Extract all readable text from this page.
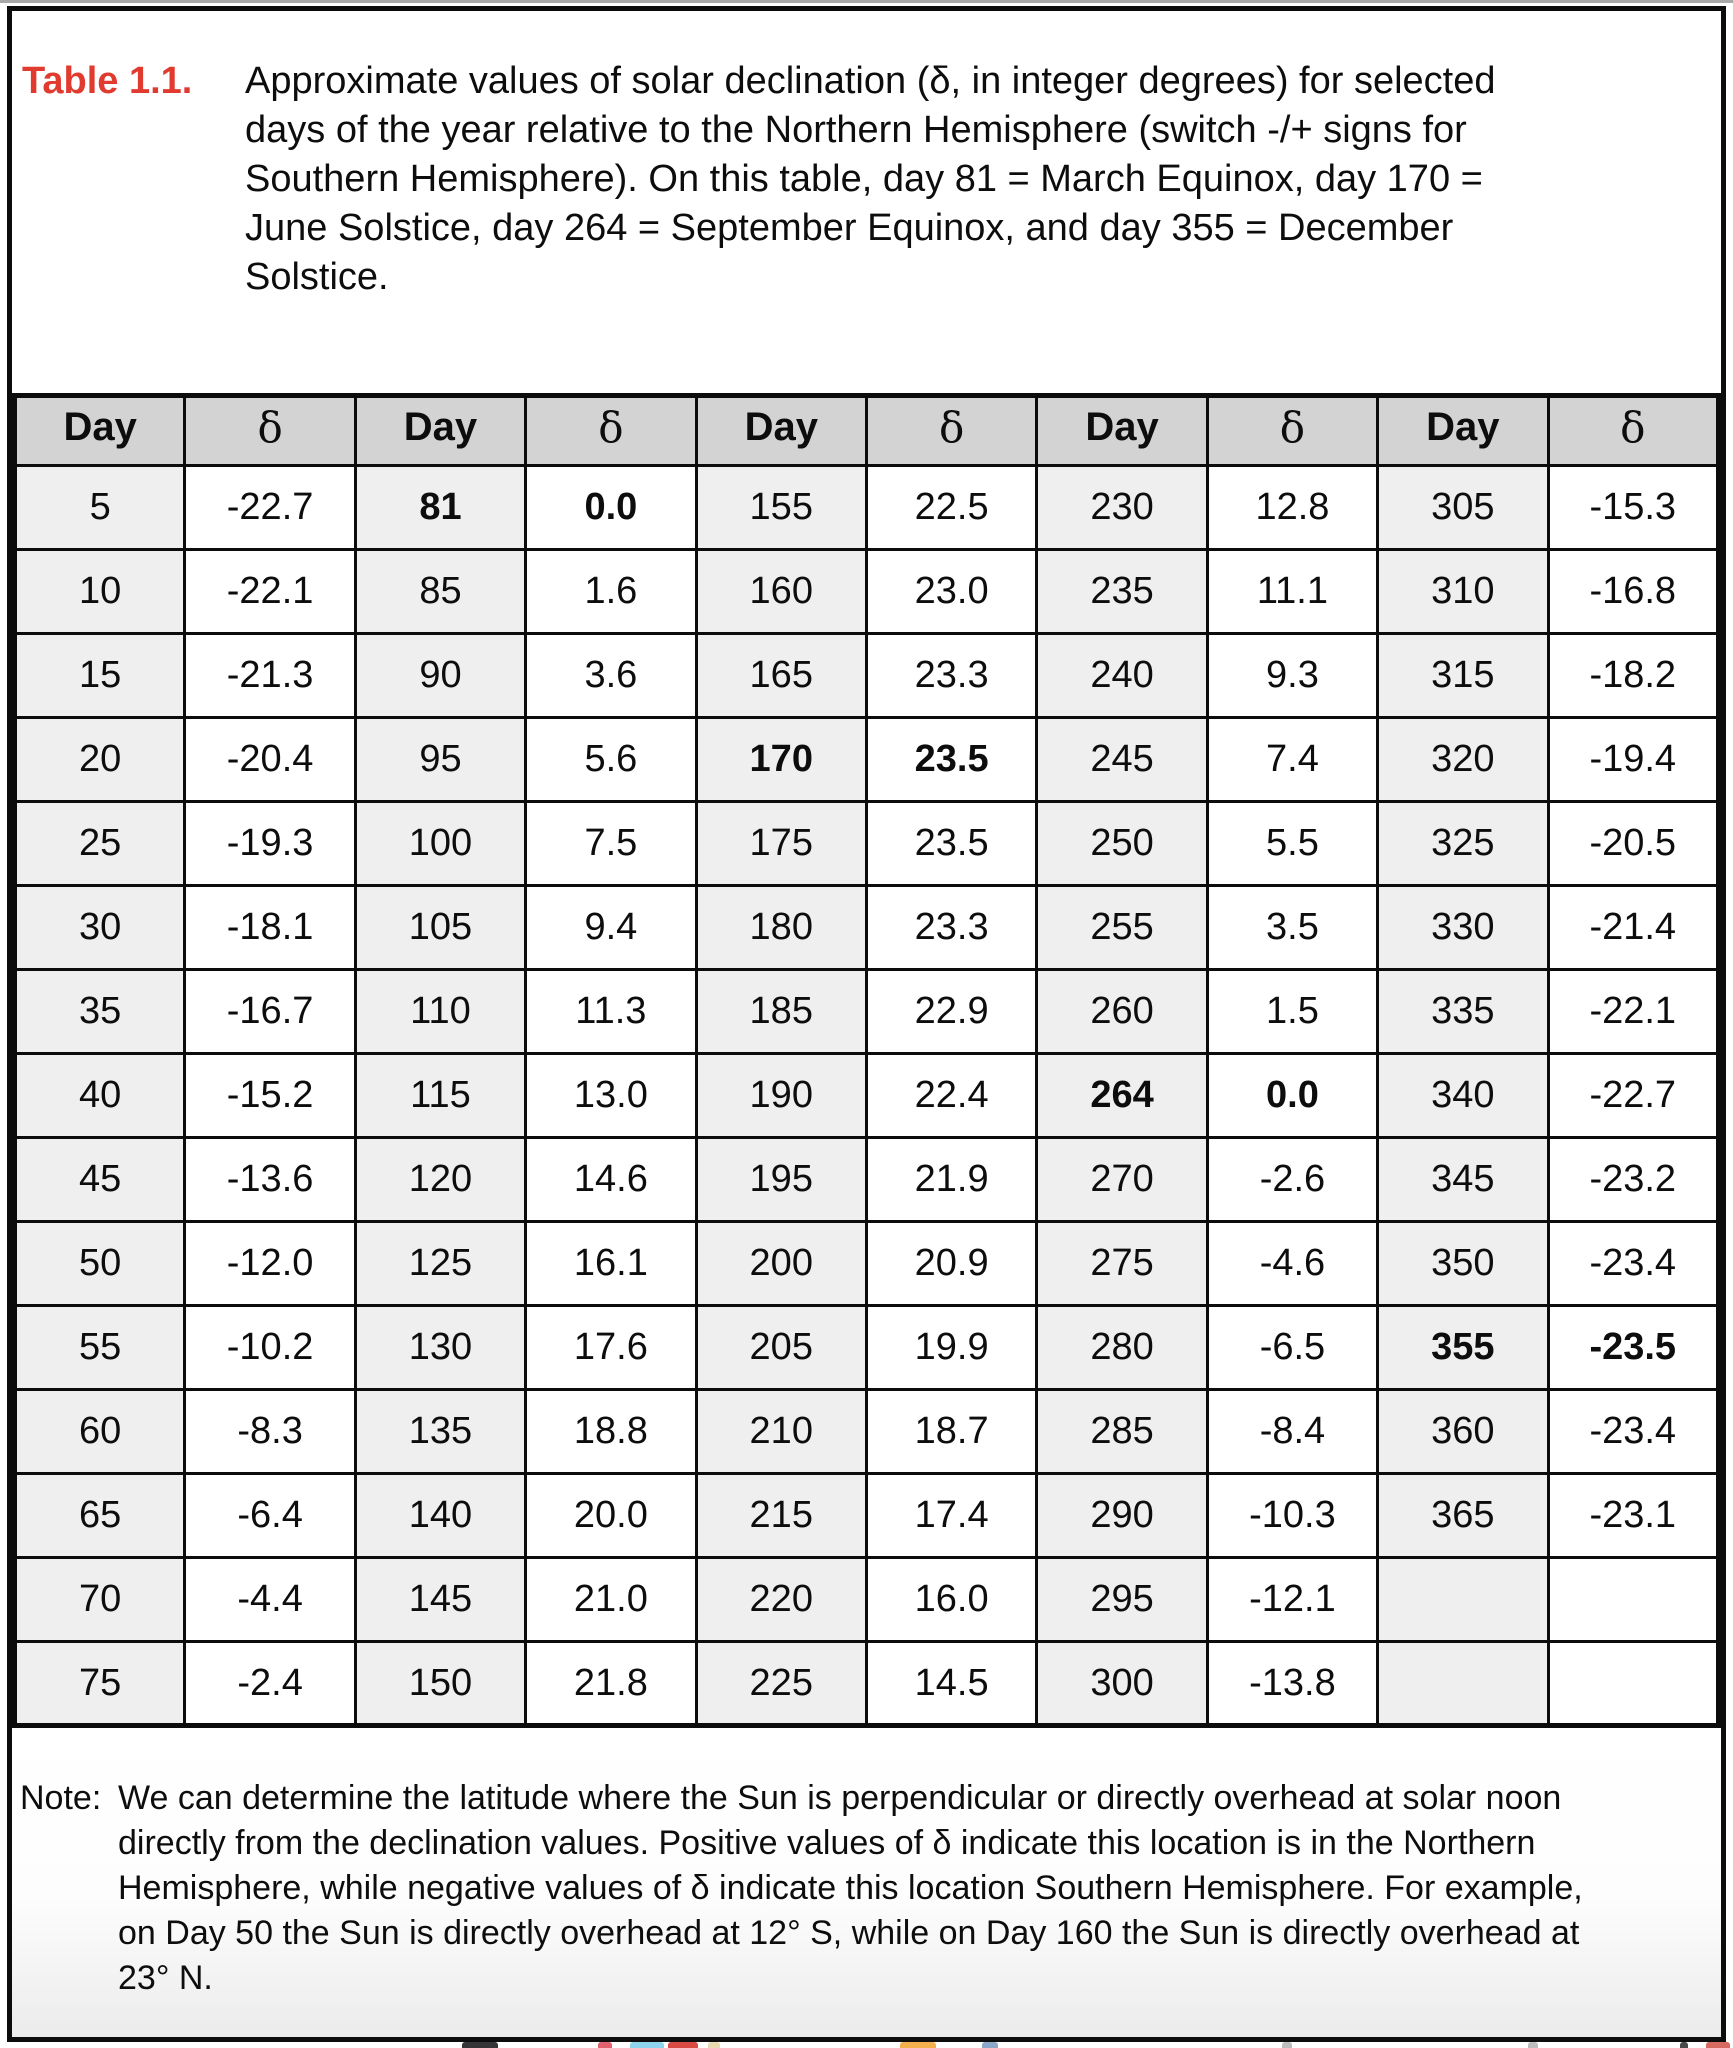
Table 1.1.	Approximate values of solar declination (δ, in integer degrees) for selected
days of the year relative to the Northern Hemisphere (switch -/+ signs for
Southern Hemisphere). On this table, day 81 = March Equinox, day 170 =
June Solstice, day 264 = September Equinox, and day 355 = December
Solstice.
Day	δ	Day	δ	Day	δ	Day	δ	Day	δ
5	-22.7	81	0.0	155	22.5	230	12.8	305	-15.3
10	-22.1	85	1.6	160	23.0	235	11.1	310	-16.8
15	-21.3	90	3.6	165	23.3	240	9.3	315	-18.2
20	-20.4	95	5.6	170	23.5	245	7.4	320	-19.4
25	-19.3	100	7.5	175	23.5	250	5.5	325	-20.5
30	-18.1	105	9.4	180	23.3	255	3.5	330	-21.4
35	-16.7	110	11.3	185	22.9	260	1.5	335	-22.1
40	-15.2	115	13.0	190	22.4	264	0.0	340	-22.7
45	-13.6	120	14.6	195	21.9	270	-2.6	345	-23.2
50	-12.0	125	16.1	200	20.9	275	-4.6	350	-23.4
55	-10.2	130	17.6	205	19.9	280	-6.5	355	-23.5
60	-8.3	135	18.8	210	18.7	285	-8.4	360	-23.4
65	-6.4	140	20.0	215	17.4	290	-10.3	365	-23.1
70	-4.4	145	21.0	220	16.0	295	-12.1		
75	-2.4	150	21.8	225	14.5	300	-13.8		
Note: We can determine the latitude where the Sun is perpendicular or directly overhead at solar noon
directly from the declination values. Positive values of δ indicate this location is in the Northern
Hemisphere, while negative values of δ indicate this location Southern Hemisphere. For example,
on Day 50 the Sun is directly overhead at 12° S, while on Day 160 the Sun is directly overhead at
23° N.
